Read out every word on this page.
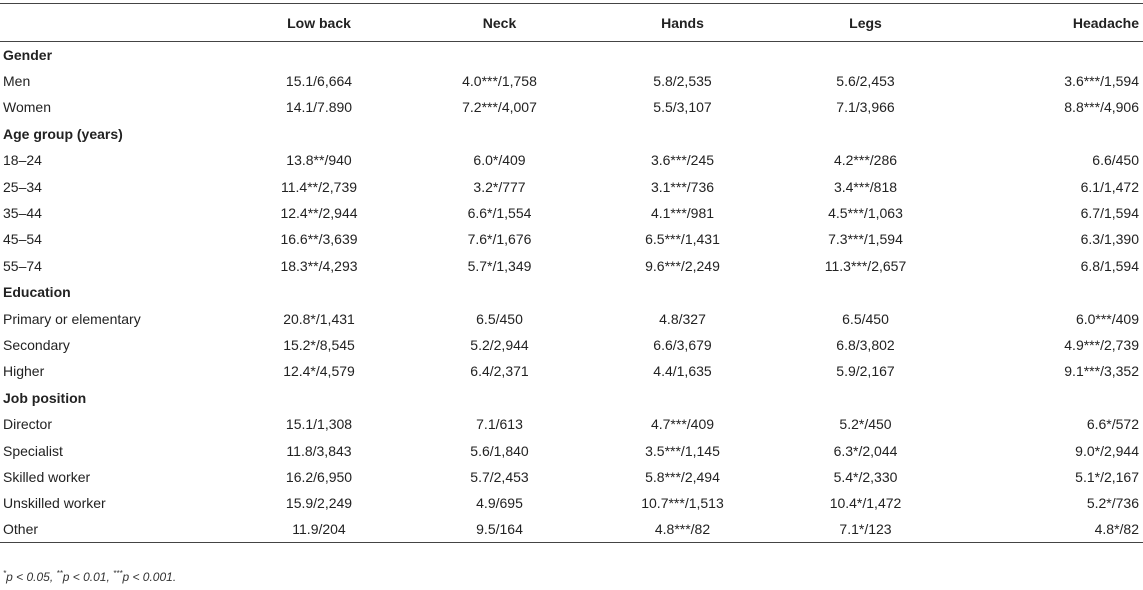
	Low back	Neck	Hands	Legs	Headache
Gender					
Men	15.1/6,664	4.0***/1,758	5.8/2,535	5.6/2,453	3.6***/1,594
Women	14.1/7.890	7.2***/4,007	5.5/3,107	7.1/3,966	8.8***/4,906
Age group (years)					
18–24	13.8**/940	6.0*/409	3.6***/245	4.2***/286	6.6/450
25–34	11.4**/2,739	3.2*/777	3.1***/736	3.4***/818	6.1/1,472
35–44	12.4**/2,944	6.6*/1,554	4.1***/981	4.5***/1,063	6.7/1,594
45–54	16.6**/3,639	7.6*/1,676	6.5***/1,431	7.3***/1,594	6.3/1,390
55–74	18.3**/4,293	5.7*/1,349	9.6***/2,249	11.3***/2,657	6.8/1,594
Education					
Primary or elementary	20.8*/1,431	6.5/450	4.8/327	6.5/450	6.0***/409
Secondary	15.2*/8,545	5.2/2,944	6.6/3,679	6.8/3,802	4.9***/2,739
Higher	12.4*/4,579	6.4/2,371	4.4/1,635	5.9/2,167	9.1***/3,352
Job position					
Director	15.1/1,308	7.1/613	4.7***/409	5.2*/450	6.6*/572
Specialist	11.8/3,843	5.6/1,840	3.5***/1,145	6.3*/2,044	9.0*/2,944
Skilled worker	16.2/6,950	5.7/2,453	5.8***/2,494	5.4*/2,330	5.1*/2,167
Unskilled worker	15.9/2,249	4.9/695	10.7***/1,513	10.4*/1,472	5.2*/736
Other	11.9/204	9.5/164	4.8***/82	7.1*/123	4.8*/82
*p < 0.05, **p < 0.01, ***p < 0.001.
